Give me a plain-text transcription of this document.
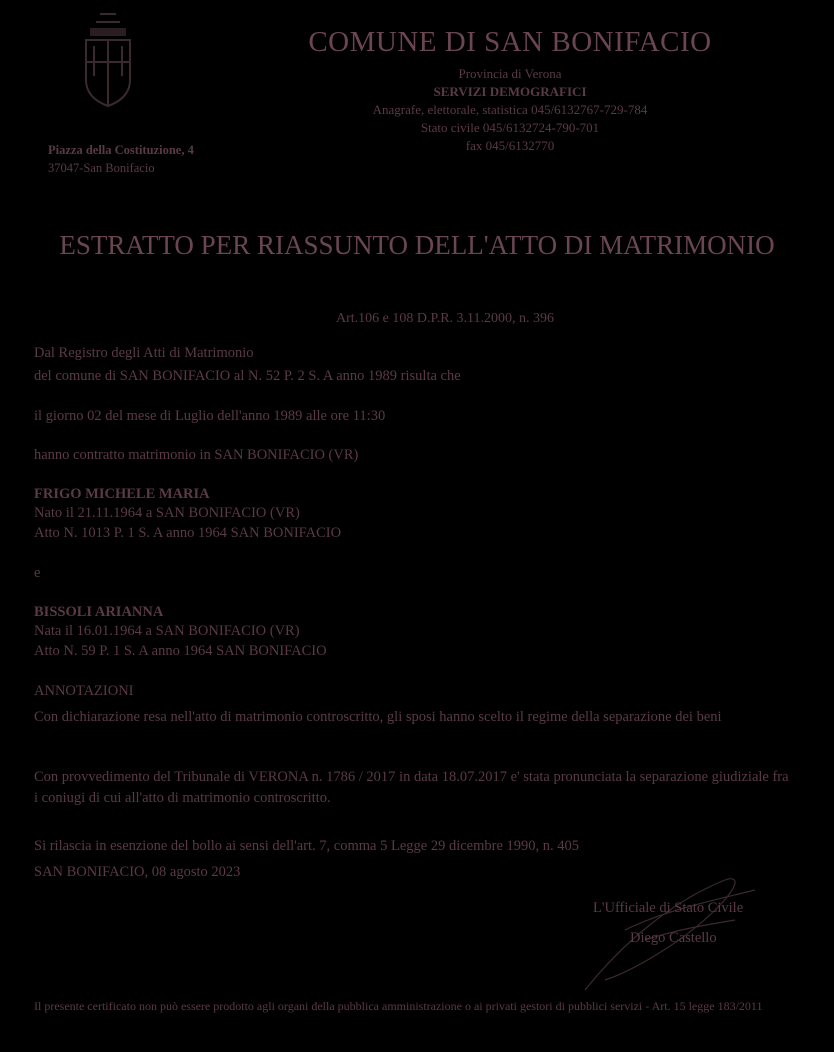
COMUNE DI SAN BONIFACIO
Provincia di Verona
SERVIZI DEMOGRAFICI
Anagrafe, elettorale, statistica 045/6132767-729-784
Stato civile 045/6132724-790-701
fax 045/6132770
Piazza della Costituzione, 4
37047-San Bonifacio
ESTRATTO PER RIASSUNTO DELL'ATTO DI MATRIMONIO
Art.106 e 108 D.P.R. 3.11.2000, n. 396
Dal Registro degli Atti di Matrimonio
del comune di SAN BONIFACIO al N. 52 P. 2 S. A anno 1989 risulta che
il giorno 02 del mese di Luglio dell'anno 1989 alle ore 11:30
hanno contratto matrimonio in SAN BONIFACIO (VR)
FRIGO MICHELE MARIA
Nato il 21.11.1964 a SAN BONIFACIO (VR)
Atto N. 1013 P. 1 S. A anno 1964 SAN BONIFACIO
e
BISSOLI ARIANNA
Nata il 16.01.1964 a SAN BONIFACIO (VR)
Atto N. 59 P. 1 S. A anno 1964 SAN BONIFACIO
ANNOTAZIONI
Con dichiarazione resa nell'atto di matrimonio controscritto, gli sposi hanno scelto il regime della separazione dei beni
Con provvedimento del Tribunale di VERONA n. 1786 / 2017 in data 18.07.2017 e' stata pronunciata la separazione giudiziale fra i coniugi di cui all'atto di matrimonio controscritto.
Si rilascia in esenzione del bollo ai sensi dell'art. 7, comma 5 Legge 29 dicembre 1990, n. 405
SAN BONIFACIO, 08 agosto 2023
L'Ufficiale di Stato Civile
Diego Castello
Il presente certificato non può essere prodotto agli organi della pubblica amministrazione o ai privati gestori di pubblici servizi - Art. 15 legge 183/2011
